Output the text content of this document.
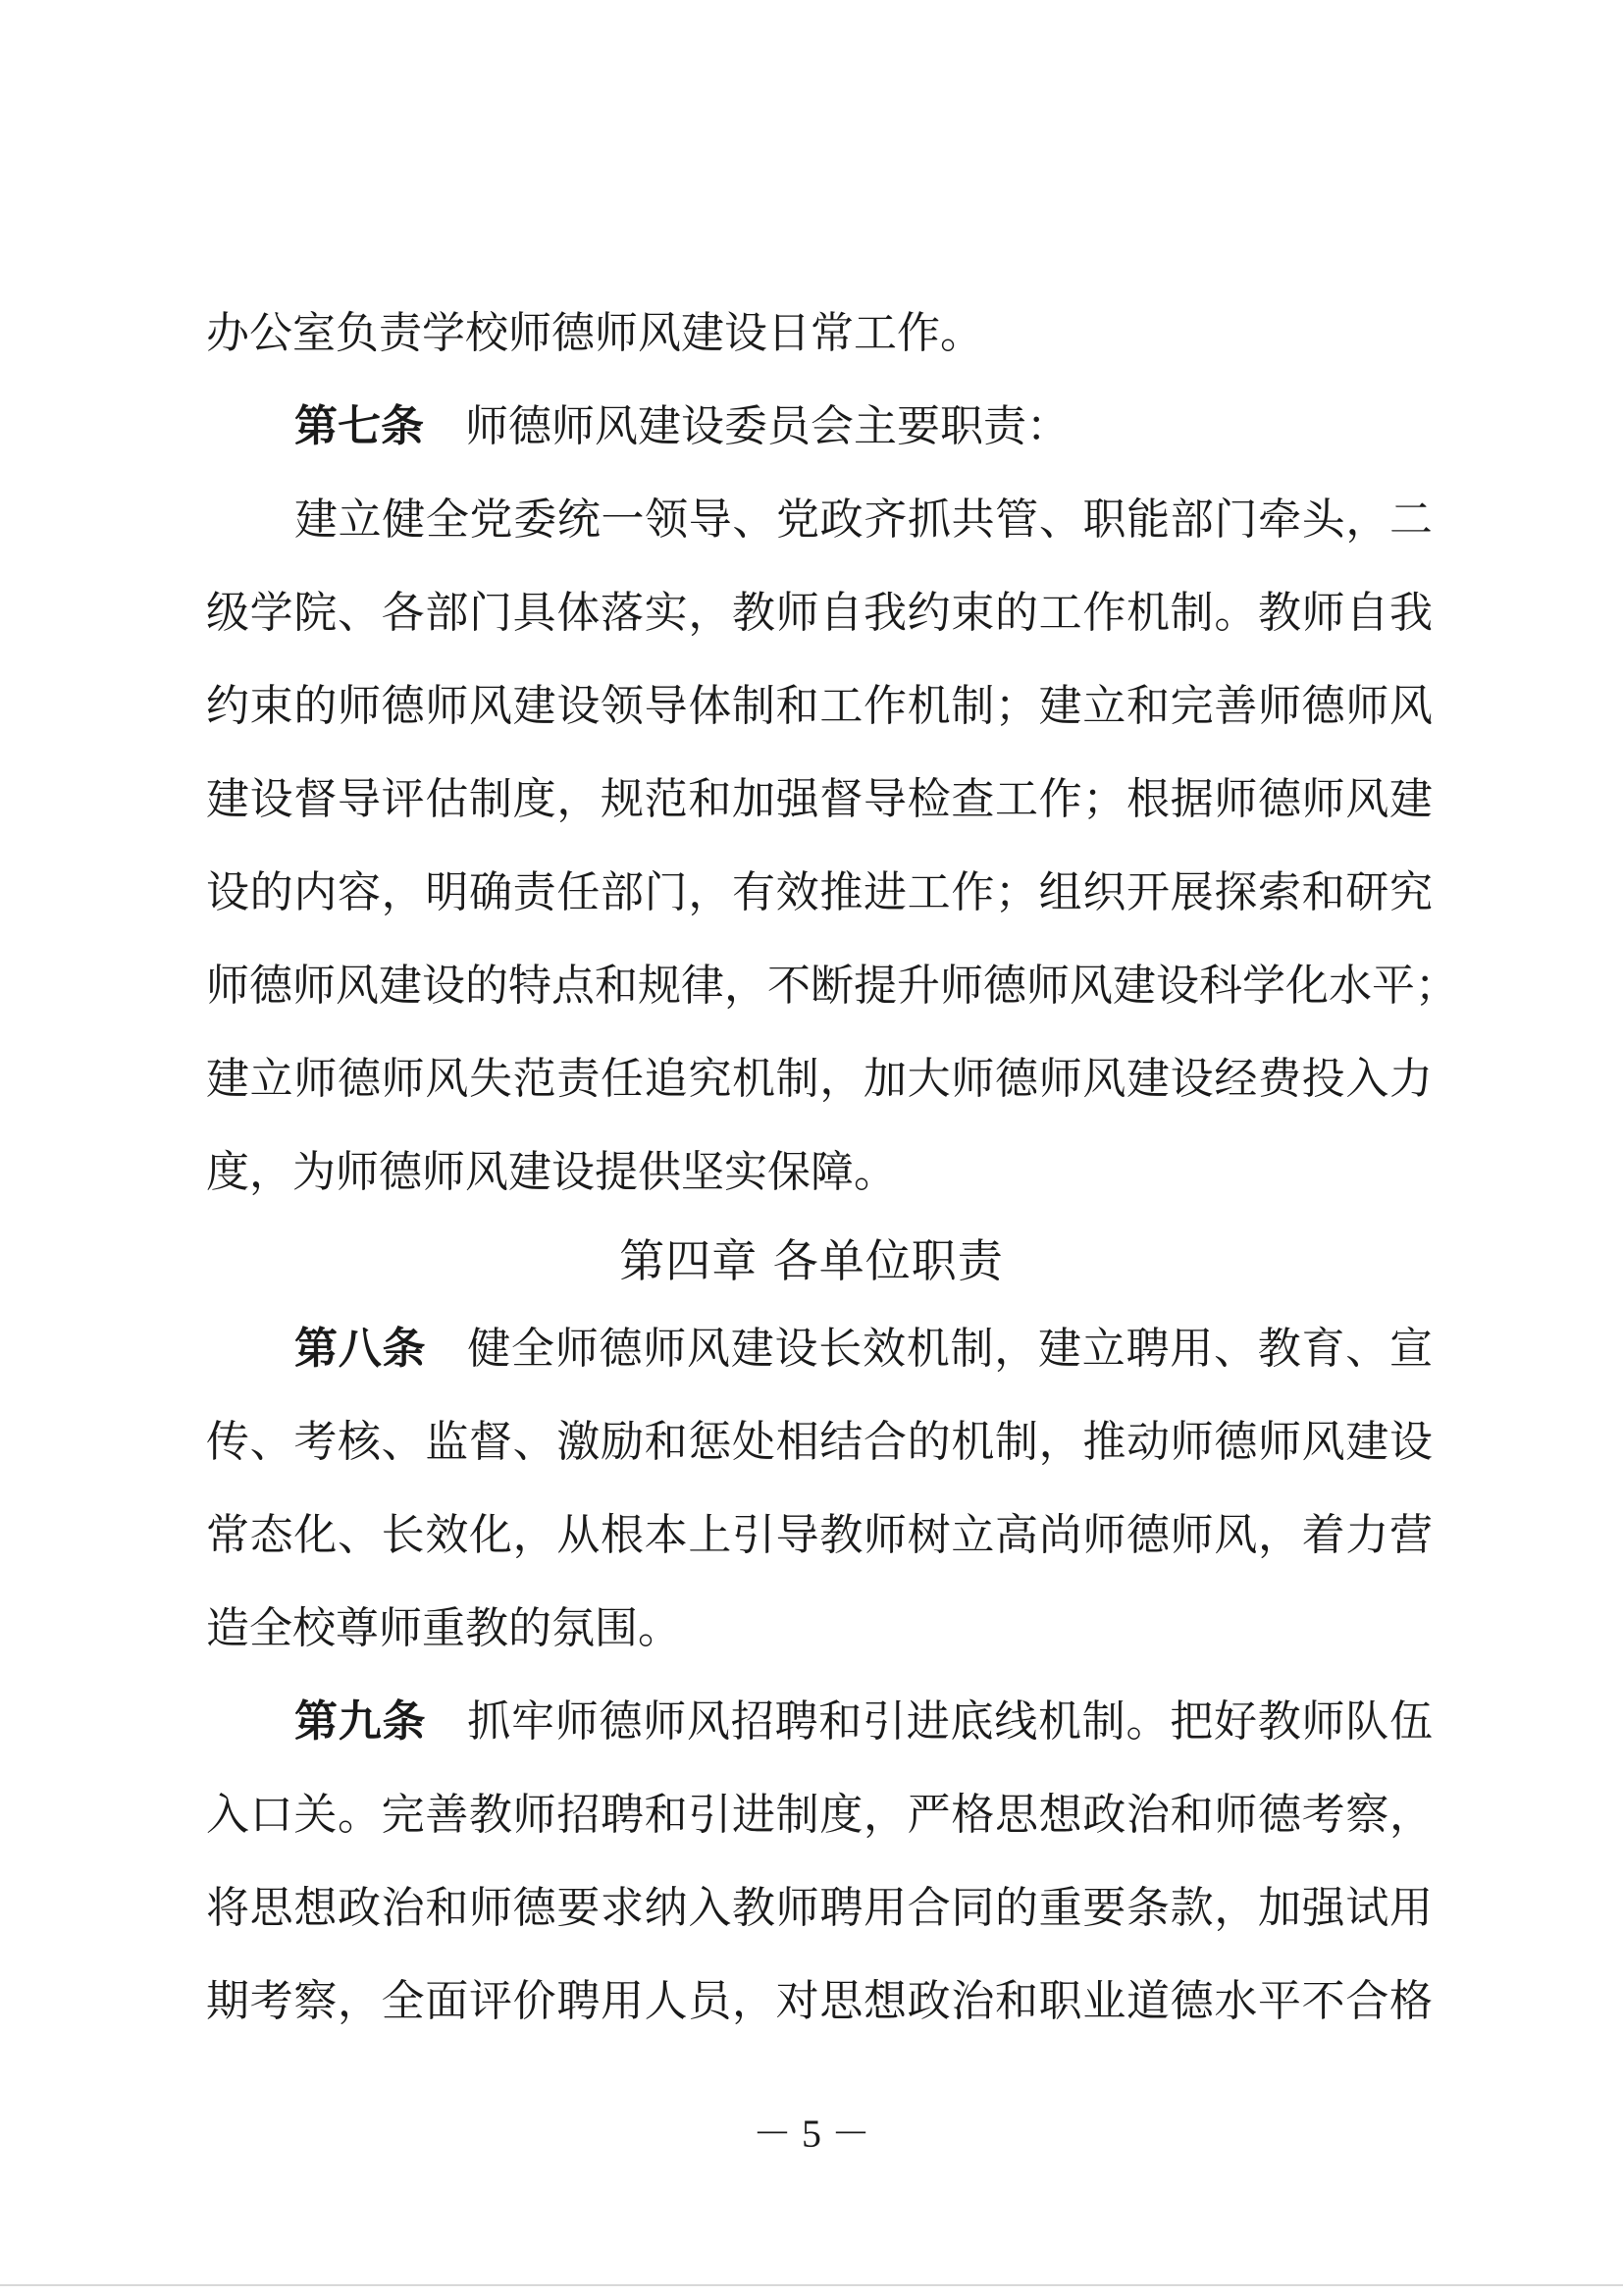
办公室负责学校师德师风建设日常工作。
第七条 师德师风建设委员会主要职责：
建立健全党委统一领导、党政齐抓共管、职能部门牵头，二
级学院、各部门具体落实，教师自我约束的工作机制。教师自我
约束的师德师风建设领导体制和工作机制；建立和完善师德师风
建设督导评估制度，规范和加强督导检查工作；根据师德师风建
设的内容，明确责任部门，有效推进工作；组织开展探索和研究
师德师风建设的特点和规律，不断提升师德师风建设科学化水平；
建立师德师风失范责任追究机制，加大师德师风建设经费投入力
度，为师德师风建设提供坚实保障。
第四章 各单位职责
第八条 健全师德师风建设长效机制，建立聘用、教育、宣
传、考核、监督、激励和惩处相结合的机制，推动师德师风建设
常态化、长效化，从根本上引导教师树立高尚师德师风，着力营
造全校尊师重教的氛围。
第九条 抓牢师德师风招聘和引进底线机制。把好教师队伍
入口关。完善教师招聘和引进制度，严格思想政治和师德考察，
将思想政治和师德要求纳入教师聘用合同的重要条款，加强试用
期考察，全面评价聘用人员，对思想政治和职业道德水平不合格
－ 5 －
